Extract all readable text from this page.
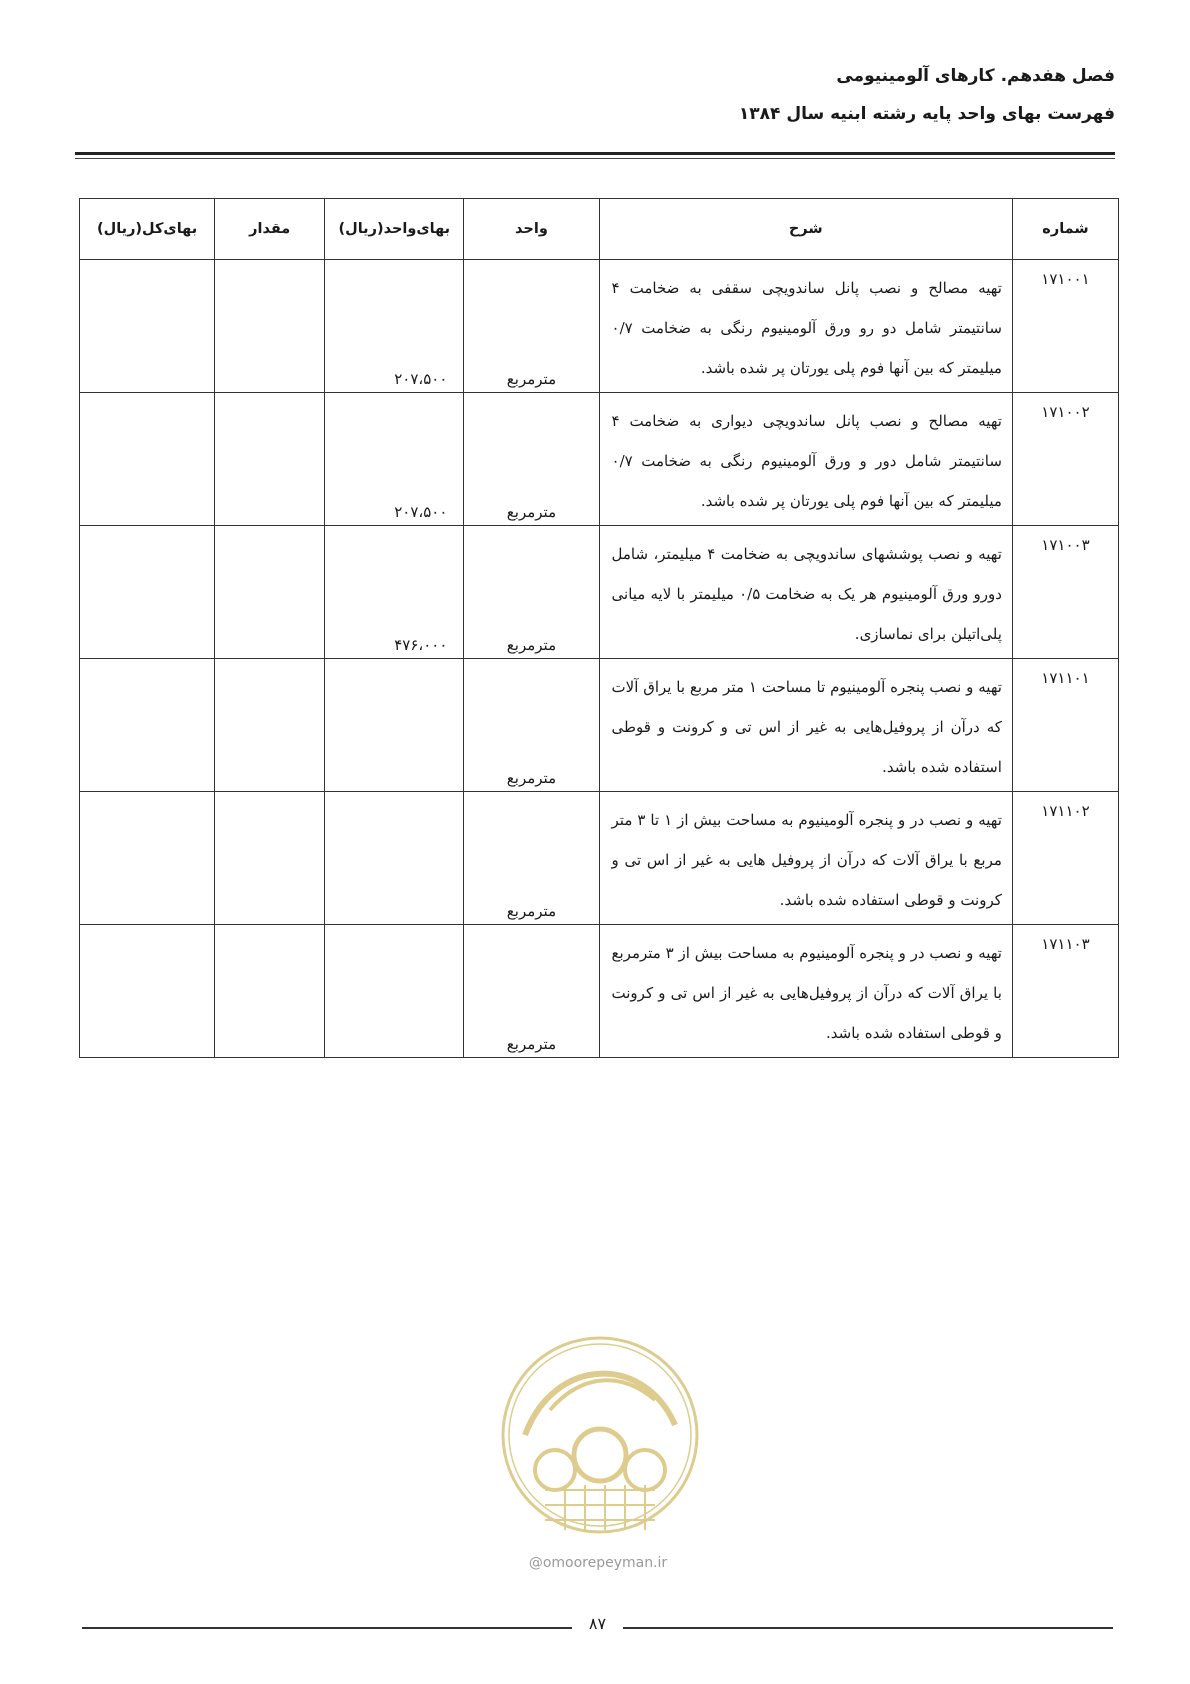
فصل هفدهم. كارهای آلومينيومی
فهرست بهای واحد پايه رشته ابنيه سال ۱۳۸۴
شماره	شرح	واحد	بهای‌واحد(ريال)	مقدار	بهای‌كل(ريال)
۱۷۱۰۰۱	تهيه مصالح و نصب پانل ساندويچی سقفی به ضخامت ۴ سانتيمتر شامل دو رو ورق آلومينيوم رنگی به ضخامت ۰/۷ ميليمتر كه بين آنها فوم پلی يورتان پر شده باشد.	مترمربع	۲۰۷،۵۰۰		
۱۷۱۰۰۲	تهيه مصالح و نصب پانل ساندويچی ديواری به ضخامت ۴ سانتيمتر شامل دور و ورق آلومينيوم رنگی به ضخامت ۰/۷ ميليمتر كه بين آنها فوم پلی يورتان پر شده باشد.	مترمربع	۲۰۷،۵۰۰		
۱۷۱۰۰۳	تهيه و نصب پوششهای ساندويچی به ضخامت ۴ ميليمتر، شامل دورو ورق آلومينيوم هر يک به ضخامت ۰/۵ ميليمتر با لايه ميانی پلی‌اتيلن برای نماسازی.	مترمربع	۴۷۶،۰۰۰		
۱۷۱۱۰۱	تهيه و نصب پنجره آلومينيوم تا مساحت ۱ متر مربع با يراق آلات كه درآن از پروفيل‌هايی به غير از اس تی و كرونت و قوطی استفاده شده باشد.	مترمربع			
۱۷۱۱۰۲	تهيه و نصب در و پنجره آلومينيوم به مساحت بيش از ۱ تا ۳ متر مربع با يراق آلات كه درآن از پروفيل هايی به غير از اس تی و كرونت و قوطی استفاده شده باشد.	مترمربع			
۱۷۱۱۰۳	تهيه و نصب در و پنجره آلومينيوم به مساحت بيش از ۳ مترمربع با يراق آلات كه درآن از پروفيل‌هايی به غير از اس تی و كرونت و قوطی استفاده شده باشد.	مترمربع			
@omoorepeyman.ir
۸۷
